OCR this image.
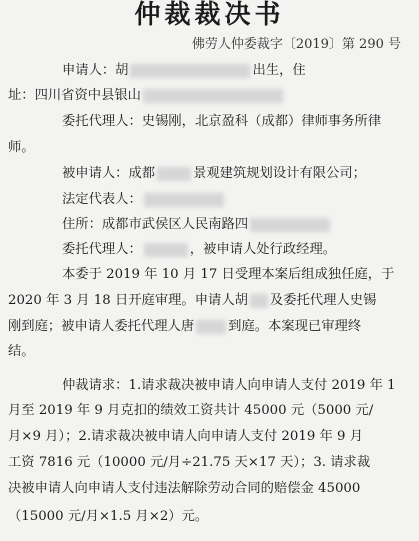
仲裁裁决书
佛劳人仲委裁字〔2019〕第 290 号
申请人：胡	出生，住
址：四川省资中县银山
委托代理人：史锡刚，北京盈科（成都）律师事务所律
师。
被申请人：成都	景观建筑规划设计有限公司；
法定代表人：
住所：成都市武侯区人民南路四
委托代理人：	，被申请人处行政经理。
本委于 2019 年 10 月 17 日受理本案后组成独任庭，于
2020 年 3 月 18 日开庭审理。申请人胡 及委托代理人史锡
刚到庭；被申请人委托代理人唐	到庭。本案现已审理终
结。
仲裁请求：1.请求裁决被申请人向申请人支付 2019 年 1
月至 2019 年 9 月克扣的绩效工资共计 45000 元（5000 元/
月×9 月）；2.请求裁决被申请人向申请人支付 2019 年 9 月
工资 7816 元（10000 元/月÷21.75 天×17 天）；3. 请求裁
决被申请人向申请人支付违法解除劳动合同的赔偿金 45000
（15000 元/月×1.5 月×2）元。
